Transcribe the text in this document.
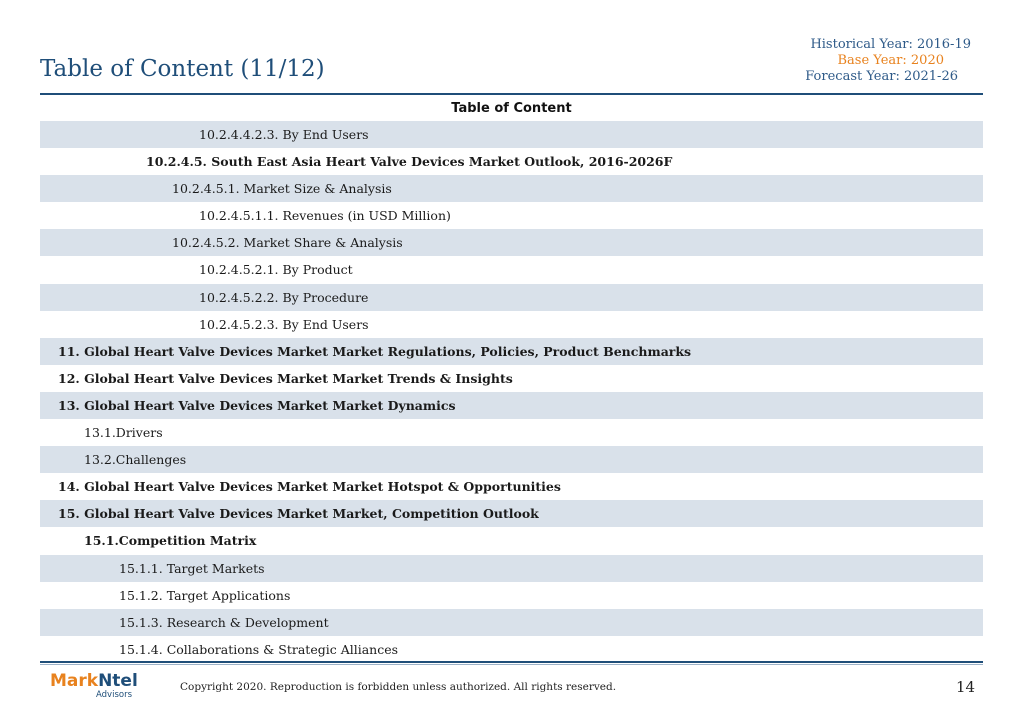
Table of Content (11/12)
Historical Year: 2016-19
Base Year: 2020
Forecast Year: 2021-26
Table of Content
10.2.4.4.2.3. By End Users
10.2.4.5. South East Asia Heart Valve Devices Market Outlook, 2016-2026F
10.2.4.5.1. Market Size & Analysis
10.2.4.5.1.1. Revenues (in USD Million)
10.2.4.5.2. Market Share & Analysis
10.2.4.5.2.1. By Product
10.2.4.5.2.2. By Procedure
10.2.4.5.2.3. By End Users
11. Global Heart Valve Devices Market Market Regulations, Policies, Product Benchmarks
12. Global Heart Valve Devices Market Market Trends & Insights
13. Global Heart Valve Devices Market Market Dynamics
13.1.Drivers
13.2.Challenges
14. Global Heart Valve Devices Market Market Hotspot & Opportunities
15. Global Heart Valve Devices Market Market, Competition Outlook
15.1.Competition Matrix
15.1.1. Target Markets
15.1.2. Target Applications
15.1.3. Research & Development
15.1.4. Collaborations & Strategic Alliances
MarkNtel
Advisors
Copyright 2020. Reproduction is forbidden unless authorized. All rights reserved.	14
